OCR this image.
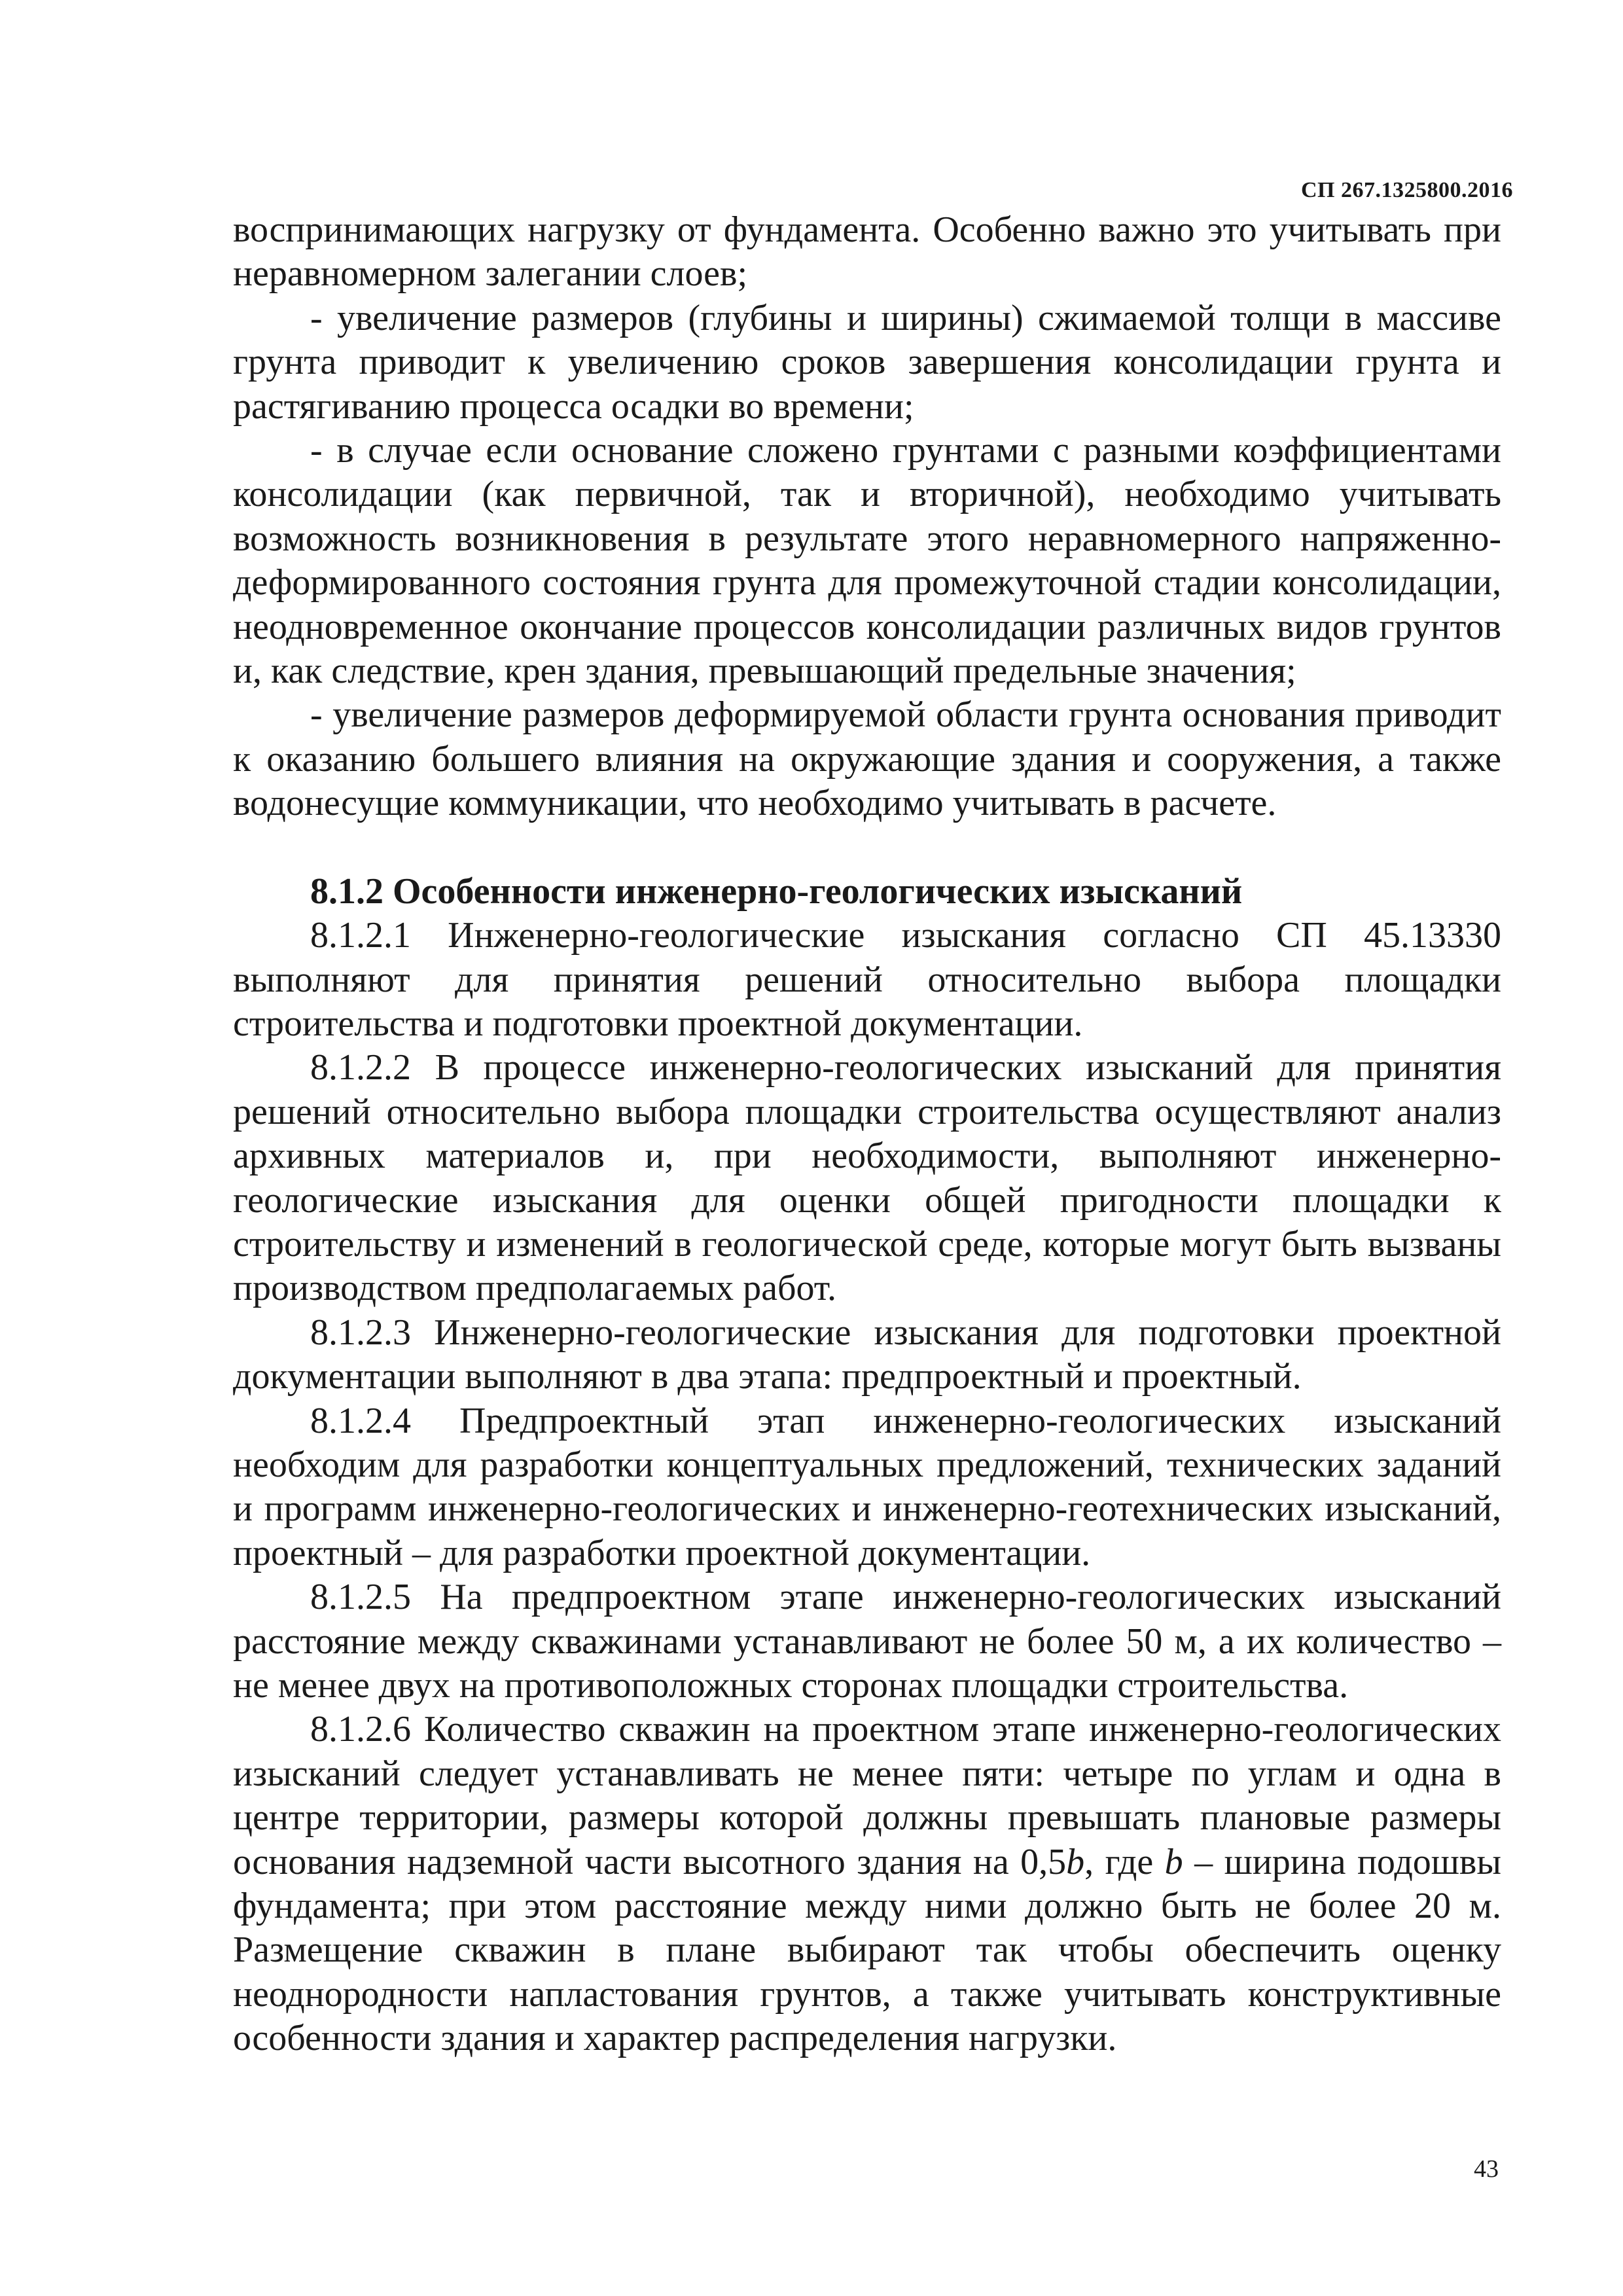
СП 267.1325800.2016

воспринимающих нагрузку от фундамента. Особенно важно это учитывать при неравномерном залегании слоев;

- увеличение размеров (глубины и ширины) сжимаемой толщи в массиве грунта приводит к увеличению сроков завершения консолидации грунта и растягиванию процесса осадки во времени;

- в случае если основание сложено грунтами с разными коэффициентами консолидации (как первичной, так и вторичной), необходимо учитывать возможность возникновения в результате этого неравномерного напряженно-деформированного состояния грунта для промежуточной стадии консолидации, неодновременное окончание процессов консолидации различных видов грунтов и, как следствие, крен здания, превышающий предельные значения;

- увеличение размеров деформируемой области грунта основания приводит к оказанию большего влияния на окружающие здания и сооружения, а также водонесущие коммуникации, что необходимо учитывать в расчете.

8.1.2 Особенности инженерно-геологических изысканий

8.1.2.1 Инженерно-геологические изыскания согласно СП 45.13330 выполняют для принятия решений относительно выбора площадки строительства и подготовки проектной документации.

8.1.2.2 В процессе инженерно-геологических изысканий для принятия решений относительно выбора площадки строительства осуществляют анализ архивных материалов и, при необходимости, выполняют инженерно-геологические изыскания для оценки общей пригодности площадки к строительству и изменений в геологической среде, которые могут быть вызваны производством предполагаемых работ.

8.1.2.3 Инженерно-геологические изыскания для подготовки проектной документации выполняют в два этапа: предпроектный и проектный.

8.1.2.4 Предпроектный этап инженерно-геологических изысканий необходим для разработки концептуальных предложений, технических заданий и программ инженерно-геологических и инженерно-геотехнических изысканий, проектный – для разработки проектной документации.

8.1.2.5 На предпроектном этапе инженерно-геологических изысканий расстояние между скважинами устанавливают не более 50 м, а их количество – не менее двух на противоположных сторонах площадки строительства.

8.1.2.6 Количество скважин на проектном этапе инженерно-геологических изысканий следует устанавливать не менее пяти: четыре по углам и одна в центре территории, размеры которой должны превышать плановые размеры основания надземной части высотного здания на 0,5b, где b – ширина подошвы фундамента; при этом расстояние между ними должно быть не более 20 м. Размещение скважин в плане выбирают так чтобы обеспечить оценку неоднородности напластования грунтов, а также учитывать конструктивные особенности здания и характер распределения нагрузки.

43
